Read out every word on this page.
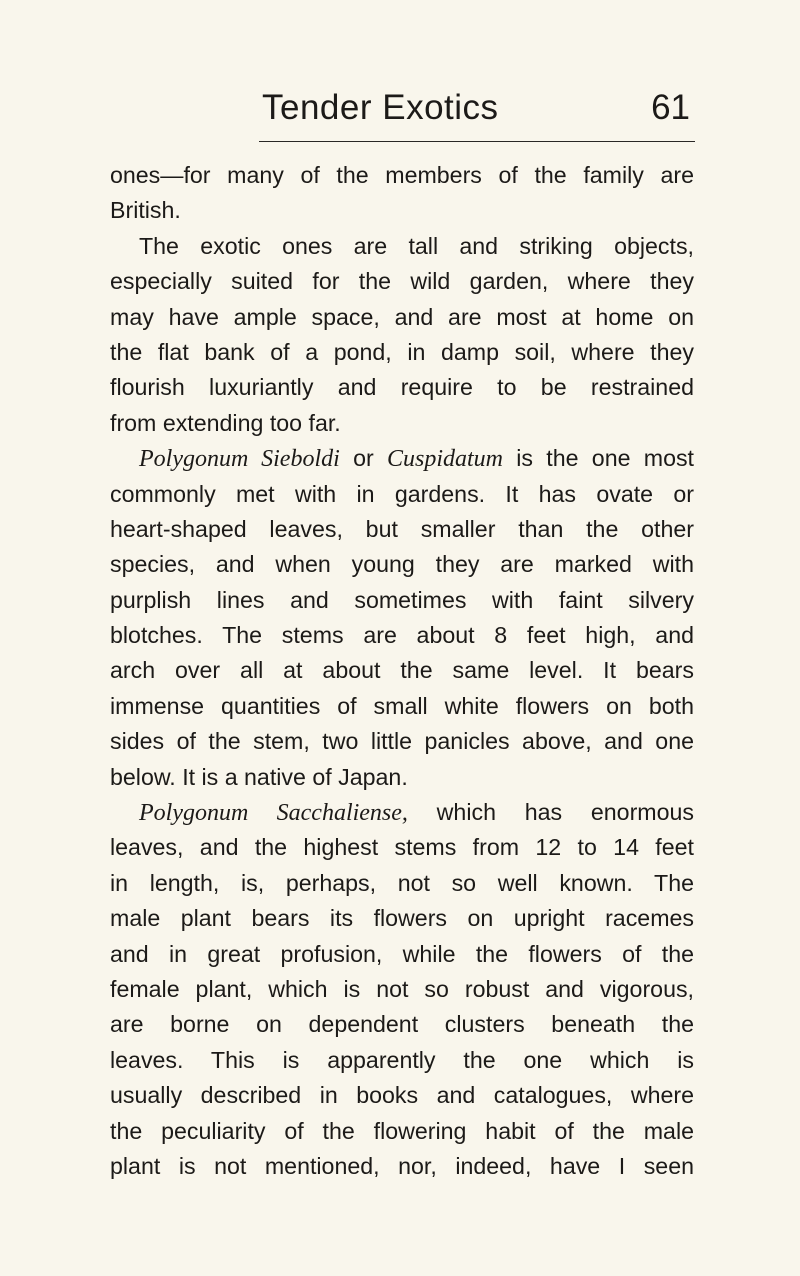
Tender Exotics	61
ones—for many of the members of the family are
British.
The exotic ones are tall and striking objects,
especially suited for the wild garden, where they
may have ample space, and are most at home on
the flat bank of a pond, in damp soil, where they
flourish luxuriantly and require to be restrained
from extending too far.
Polygonum Sieboldi or Cuspidatum is the one most
commonly met with in gardens. It has ovate or
heart-shaped leaves, but smaller than the other
species, and when young they are marked with
purplish lines and sometimes with faint silvery
blotches. The stems are about 8 feet high, and
arch over all at about the same level. It bears
immense quantities of small white flowers on both
sides of the stem, two little panicles above, and one
below. It is a native of Japan.
Polygonum Sacchaliense, which has enormous
leaves, and the highest stems from 12 to 14 feet
in length, is, perhaps, not so well known. The
male plant bears its flowers on upright racemes
and in great profusion, while the flowers of the
female plant, which is not so robust and vigorous,
are borne on dependent clusters beneath the
leaves. This is apparently the one which is
usually described in books and catalogues, where
the peculiarity of the flowering habit of the male
plant is not mentioned, nor, indeed, have I seen
